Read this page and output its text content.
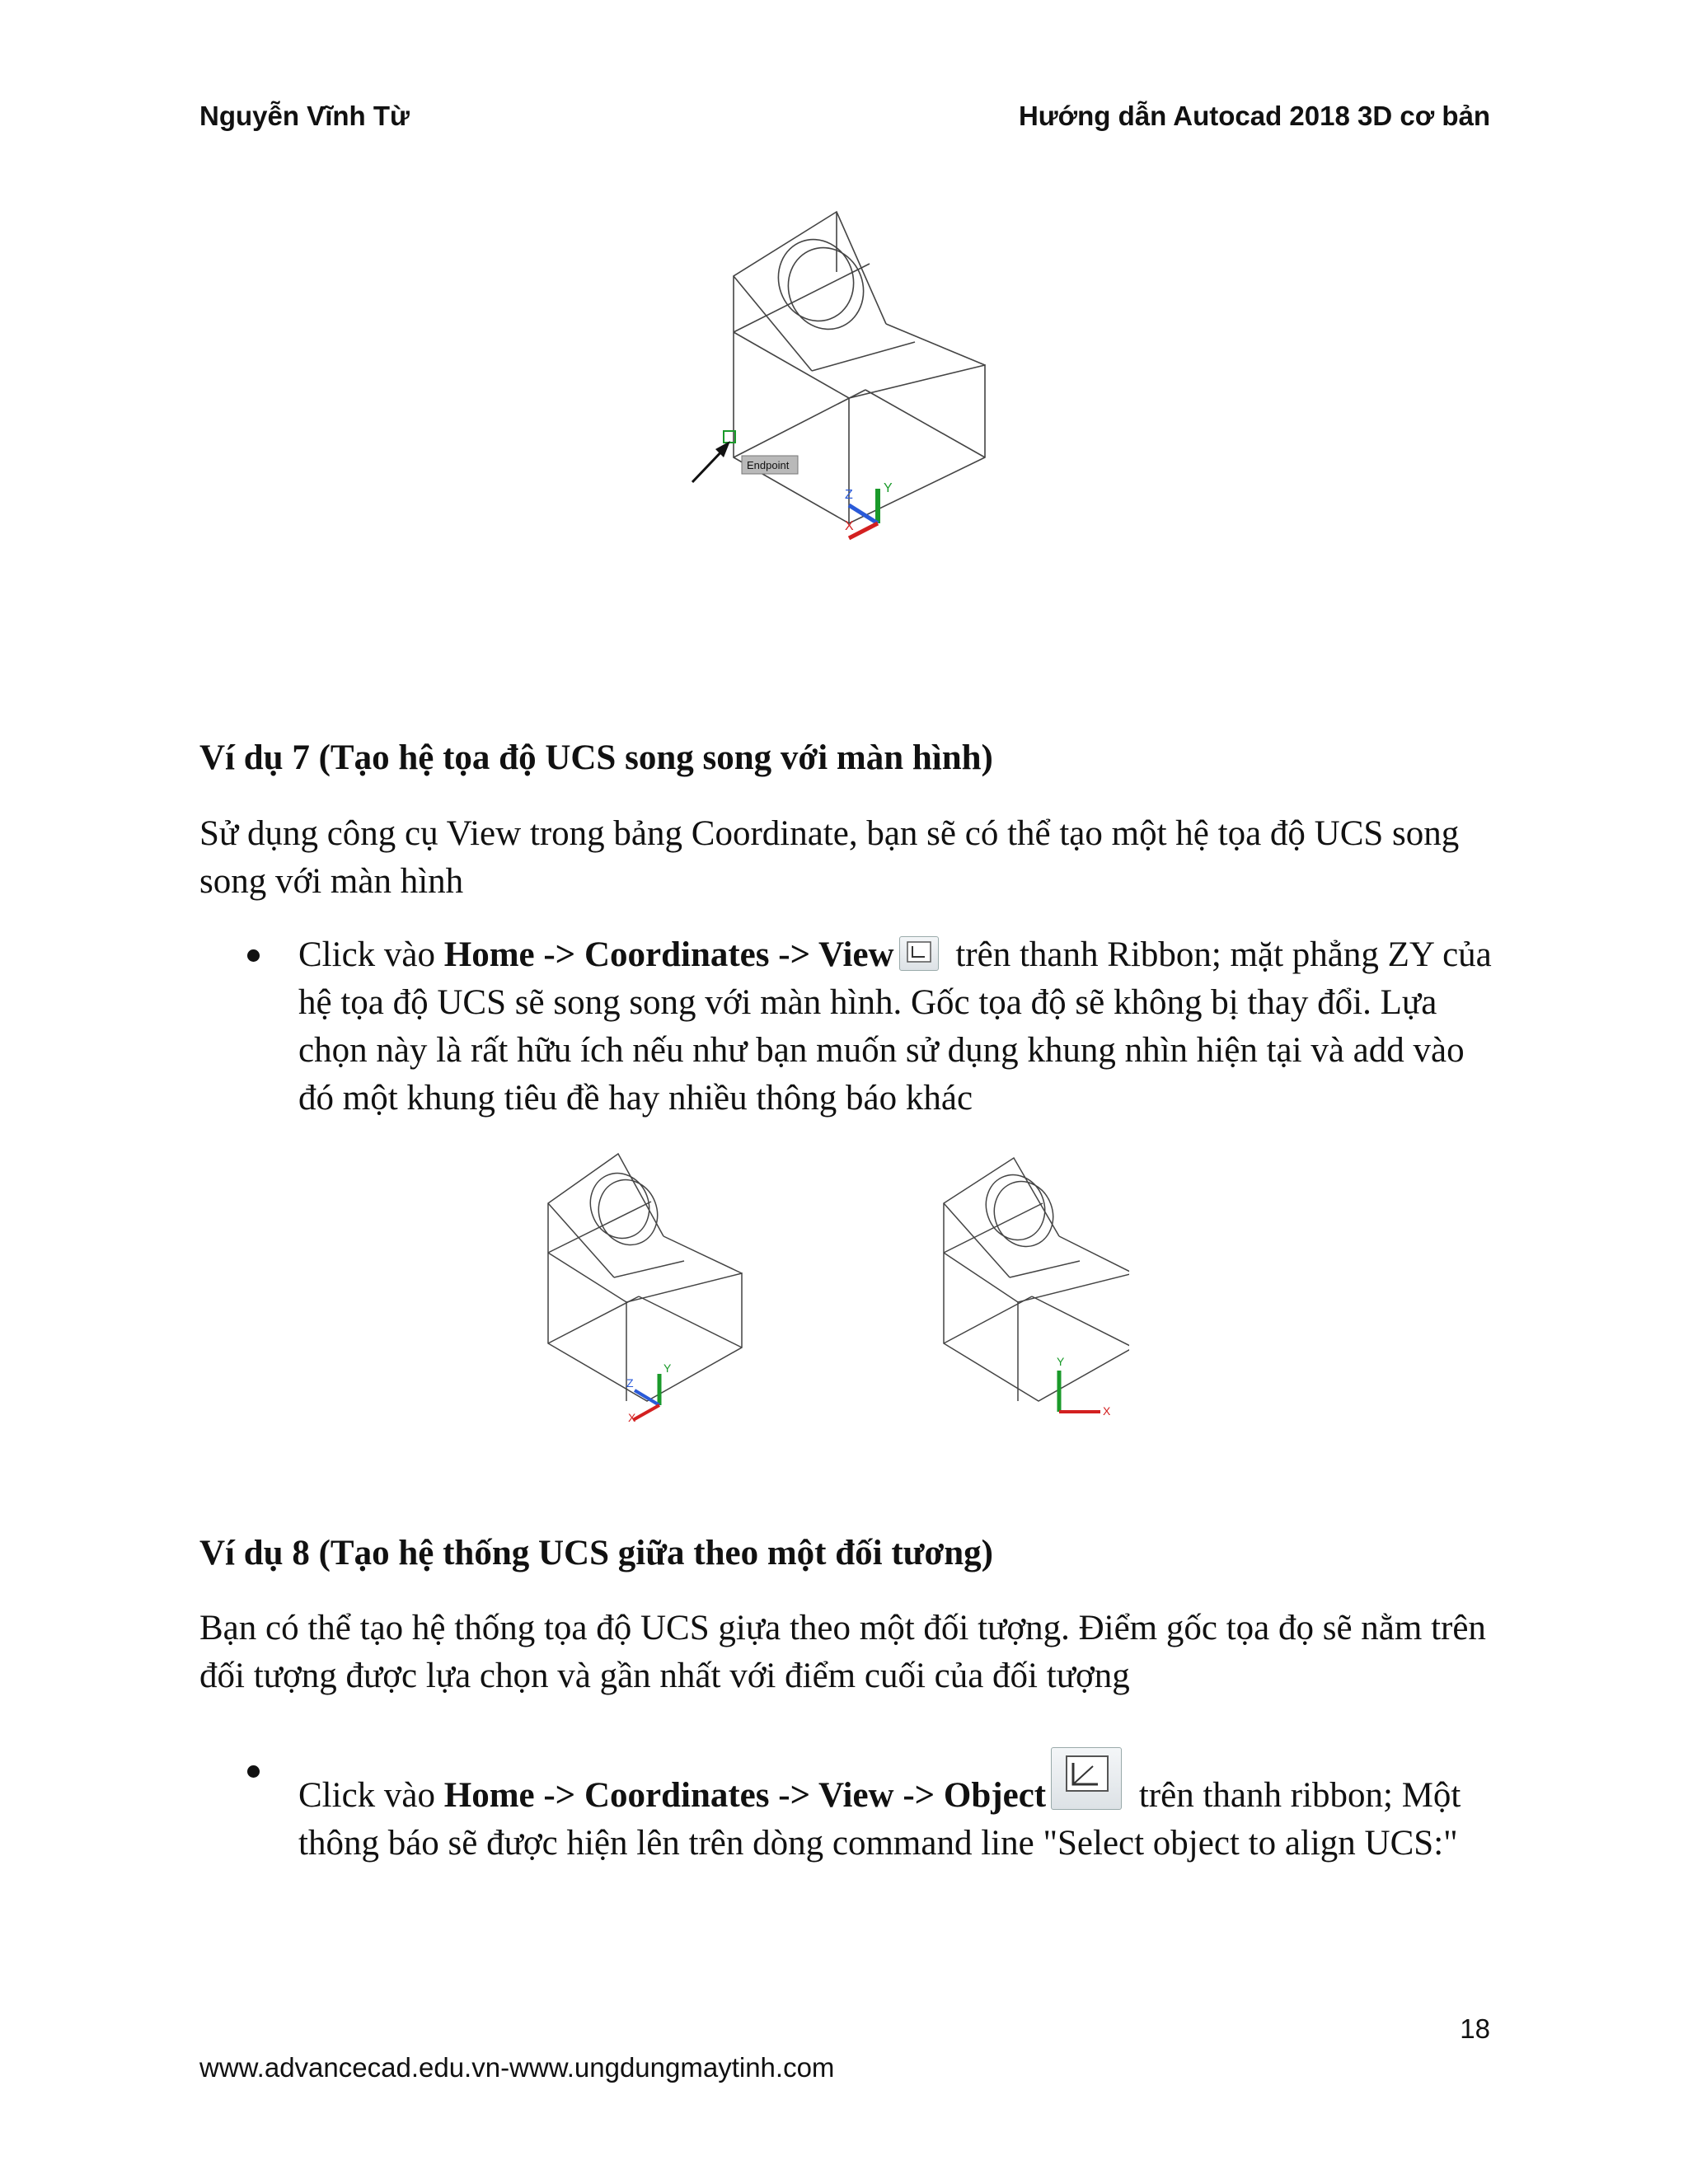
Nguyễn Vĩnh Từ	Hướng dẫn Autocad 2018 3D cơ bản
Endpoint
Z Y
X
Ví dụ 7 (Tạo hệ tọa độ UCS song song với màn hình)
Sử dụng công cụ View trong bảng Coordinate, bạn sẽ có thể tạo một hệ tọa độ UCS song song với màn hình
Click vào Home -> Coordinates -> View
trên thanh Ribbon; mặt phẳng ZY của hệ tọa độ UCS sẽ song song với màn hình. Gốc tọa độ sẽ không bị thay đổi. Lựa chọn này là rất hữu ích nếu như bạn muốn sử dụng khung nhìn hiện tại và add vào đó một khung tiêu đề hay nhiều thông báo khác
Z
Y
X
Y
X
Ví dụ 8 (Tạo hệ thống UCS giữa theo một đối tương)
Bạn có thể tạo hệ thống tọa độ UCS giựa theo một đối tượng. Điểm gốc tọa đọ sẽ nằm trên đối tượng được lựa chọn và gần nhất với điểm cuối của đối tượng
Click vào Home -> Coordinates -> View -> Object
trên thanh ribbon; Một thông báo sẽ được hiện lên trên dòng command line "Select object to align UCS:"
18
www.advancecad.edu.vn-www.ungdungmaytinh.com
